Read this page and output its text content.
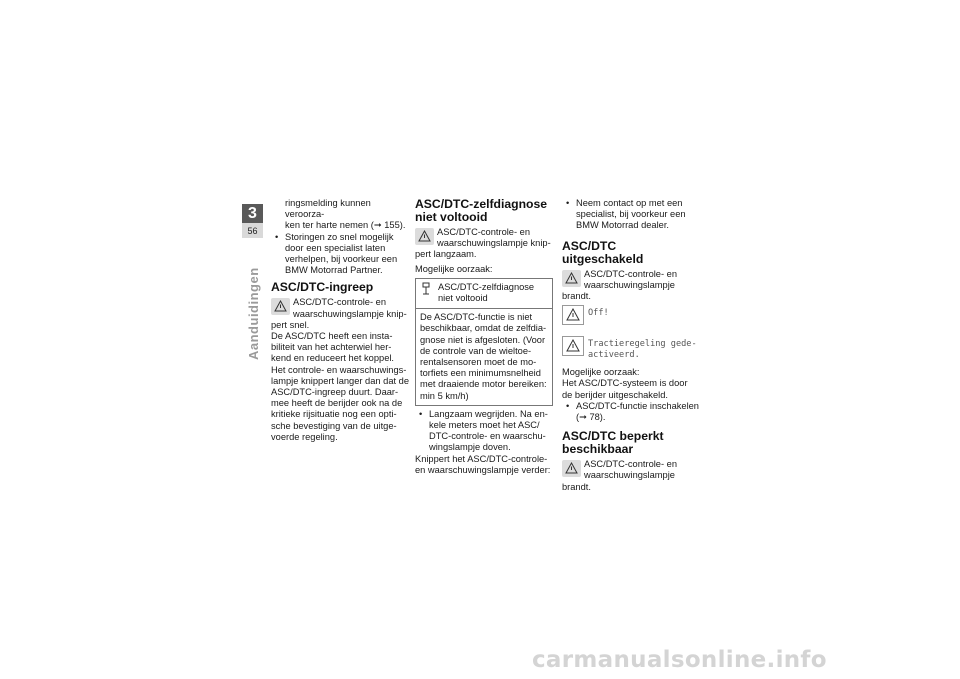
3
56
Aanduidingen

ringsmelding kunnen veroorza-

ken ter harte nemen (➞ 155).

• Storingen zo snel mogelijk door een specialist laten verhelpen, bij voorkeur een BMW Motorrad Partner.

ASC/DTC-ingreep

ASC/DTC-controle- en waarschuwingslampje knip-

pert snel.

De ASC/DTC heeft een insta-biliteit van het achterwiel her-kend en reduceert het koppel. Het controle- en waarschuwings-lampje knippert langer dan dat de ASC/DTC-ingreep duurt. Daar-mee heeft de berijder ook na de kritieke rijsituatie nog een opti-sche bevestiging van de uitge-voerde regeling.

ASC/DTC-zelfdiagnose niet voltooid

ASC/DTC-controle- en waarschuwingslampje knip-

pert langzaam.

Mogelijke oorzaak:

ASC/DTC-zelfdiagnose niet voltooid
De ASC/DTC-functie is niet beschikbaar, omdat de zelfdia-gnose niet is afgesloten. (Voor de controle van de wieltoe-rentalsensoren moet de mo-torfiets een minimumsnelheid met draaiende motor bereiken: min 5 km/h)

• Langzaam wegrijden. Na en-kele meters moet het ASC/ DTC-controle- en waarschu-wingslampje doven.

Knippert het ASC/DTC-controle- en waarschuwingslampje verder:

• Neem contact op met een specialist, bij voorkeur een BMW Motorrad dealer.

ASC/DTC uitgeschakeld

ASC/DTC-controle- en waarschuwingslampje

brandt.

Off!

Tractieregeling gede-activeerd.

Mogelijke oorzaak:

Het ASC/DTC-systeem is door de berijder uitgeschakeld.

• ASC/DTC-functie inschakelen (➞ 78).

ASC/DTC beperkt beschikbaar

ASC/DTC-controle- en waarschuwingslampje

brandt.

carmanualsonline.info
